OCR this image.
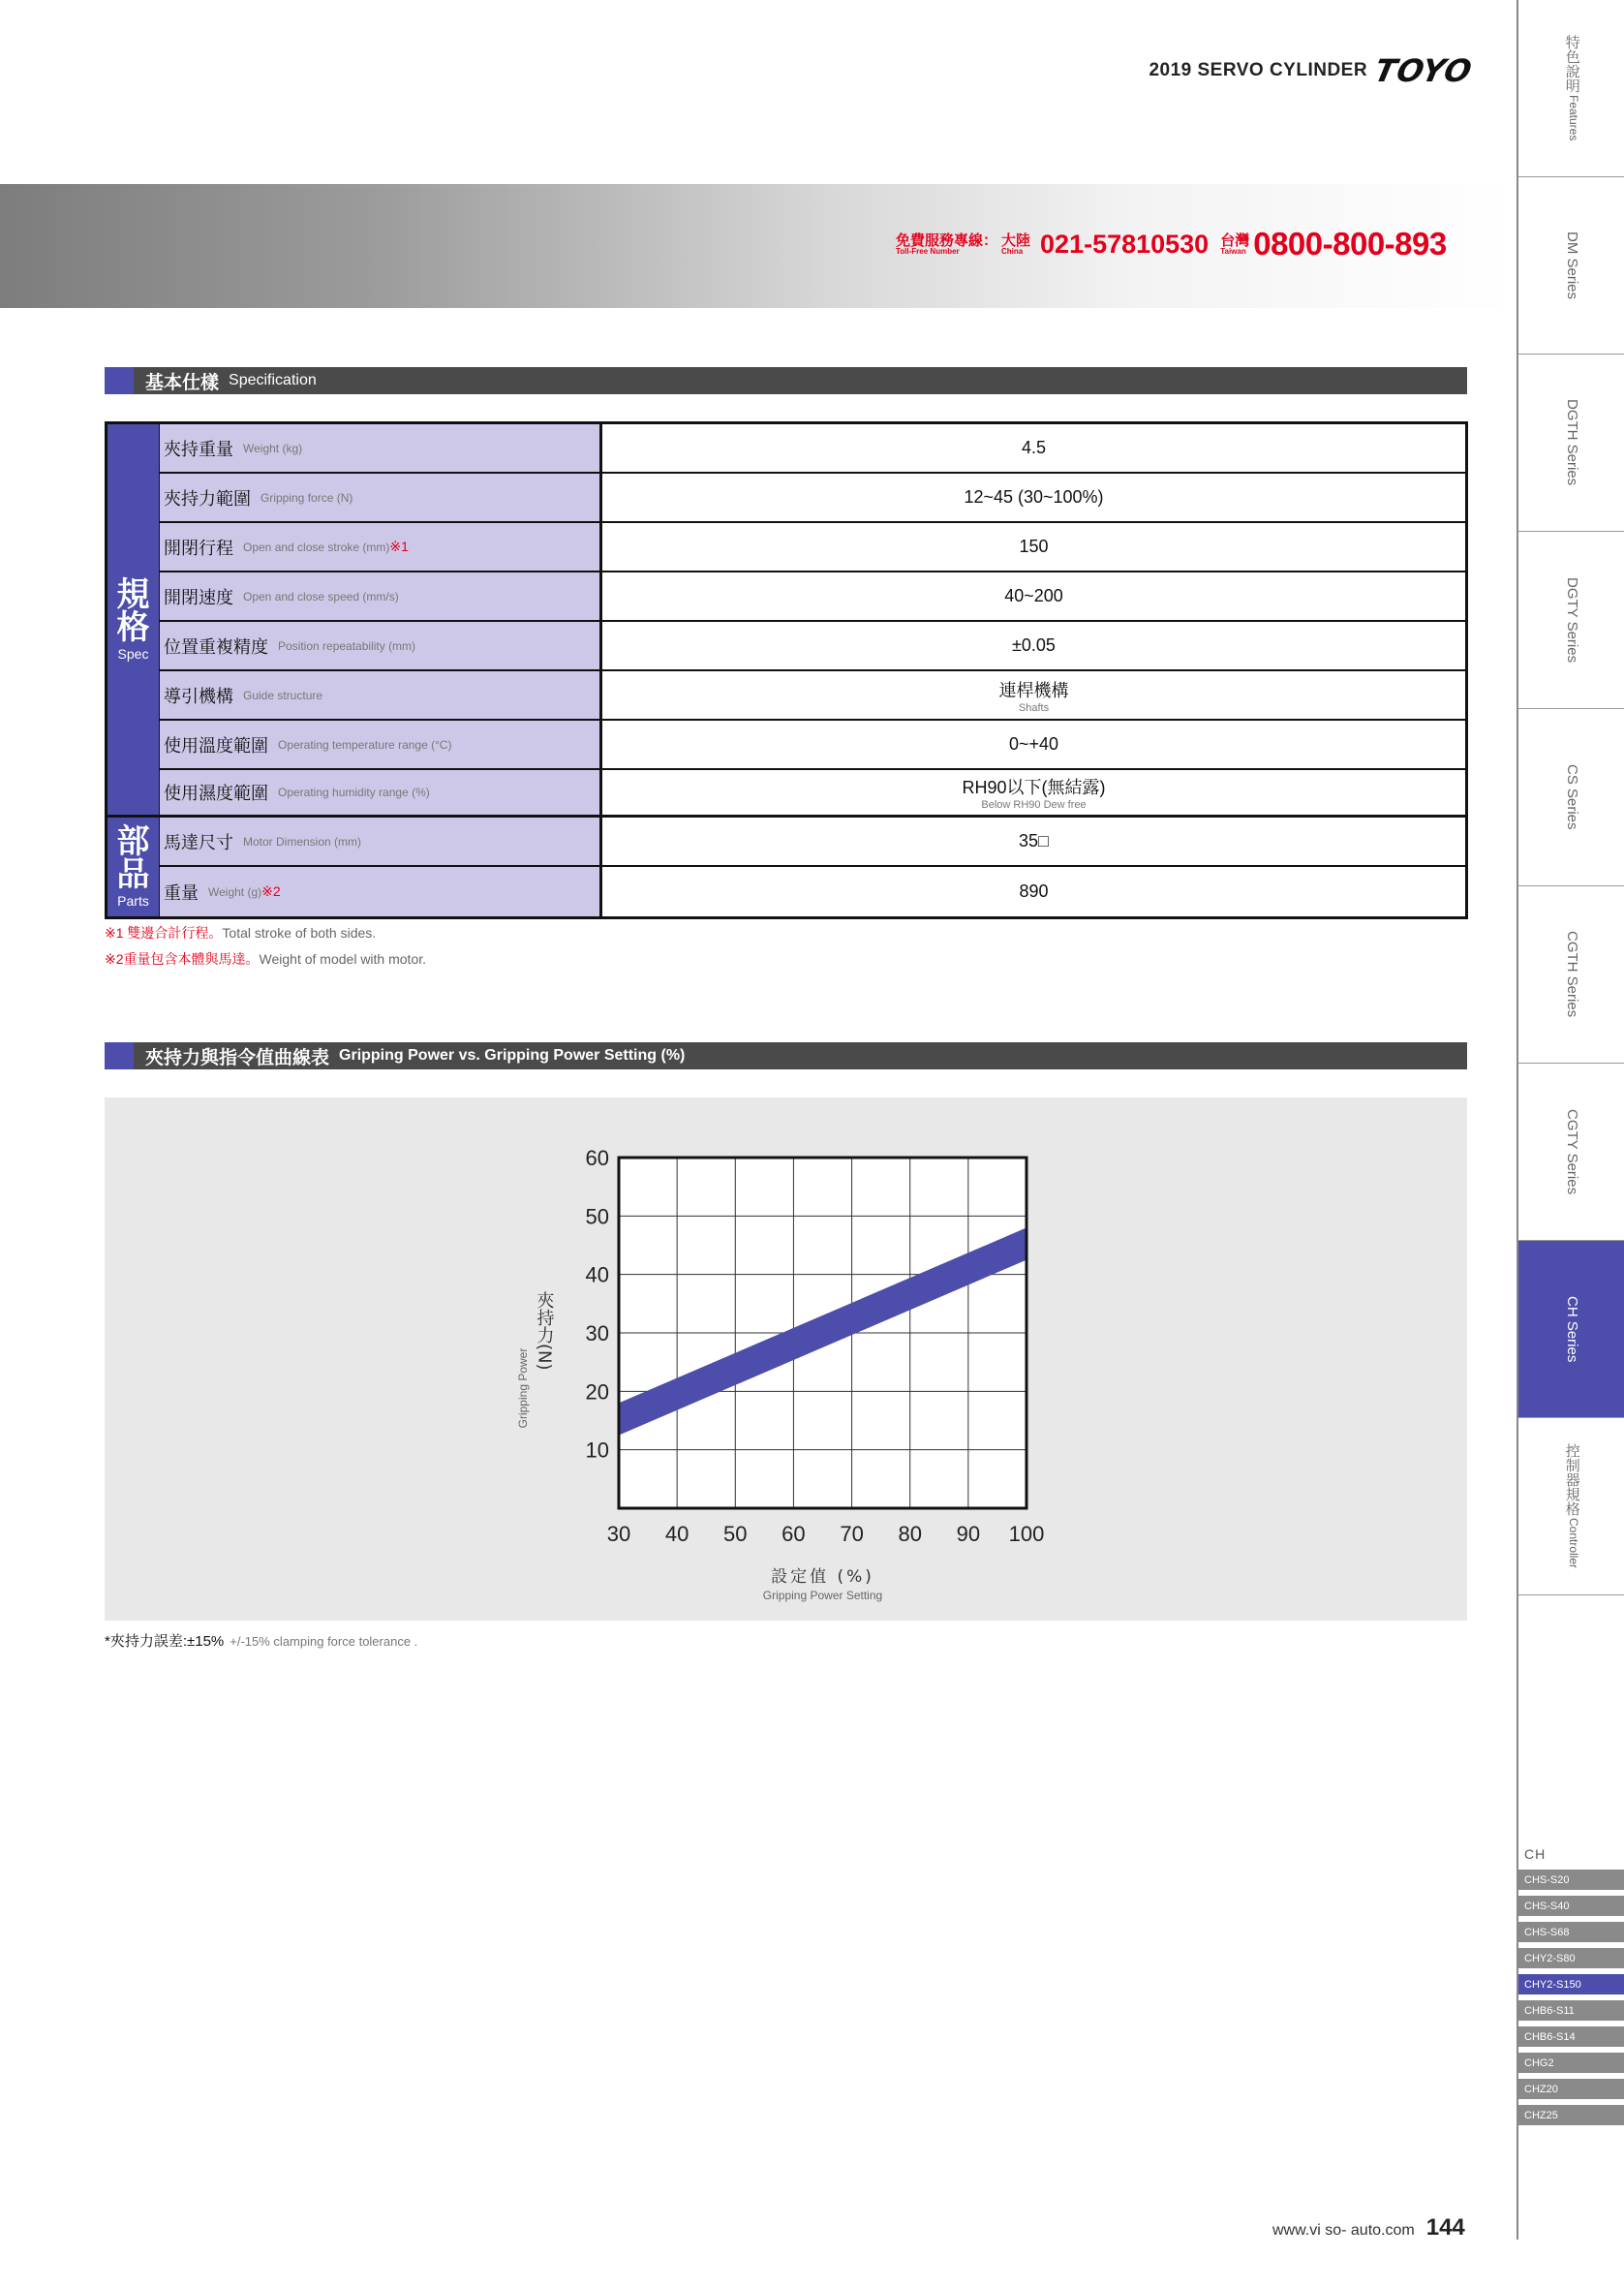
2019 SERVO CYLINDER TOYO
免費服務專線：
Toll-Free Number
大陸
China 021-57810530 台灣
Taiwan 0800-800-893
特色說明
Features
DM Series
DGTH Series
DGTY Series
CS Series
CGTH Series
CGTY Series
CH Series
控制器規格
Controller
CH
CHS-S20
CHS-S40
CHS-S68
CHY2-S80
CHY2-S150
CHB6-S11
CHB6-S14
CHG2
CHZ20
CHZ25
基本仕樣 Specification
規
格
Spec
部
品
Parts
夾持重量 Weight (kg)	4.5
夾持力範圍 Gripping force (N)	12~45 (30~100%)
開閉行程 Open and close stroke (mm) ※1	150
開閉速度 Open and close speed (mm/s)	40~200
位置重複精度 Position repeatability (mm)	±0.05
導引機構 Guide structure	連桿機構
Shafts
使用溫度範圍 Operating temperature range (°C)	0~+40
使用濕度範圍 Operating humidity range (%)	RH90以下(無結露)
Below RH90 Dew free
馬達尺寸 Motor Dimension (mm)	35□
重量 Weight (g) ※2	890
※1 雙邊合計行程。Total stroke of both sides.
※2重量包含本體與馬達。Weight of model with motor.
夾持力與指令值曲線表 Gripping Power vs. Gripping Power Setting (%)
10
20
30
40
50
60
30 40 50 60 70 80 90 100
設定值 (%)
Gripping Power Setting
夾持力(N)
Gripping Power
*夾持力誤差:±15% +/-15% clamping force tolerance .
www.vi so- auto.com 144
